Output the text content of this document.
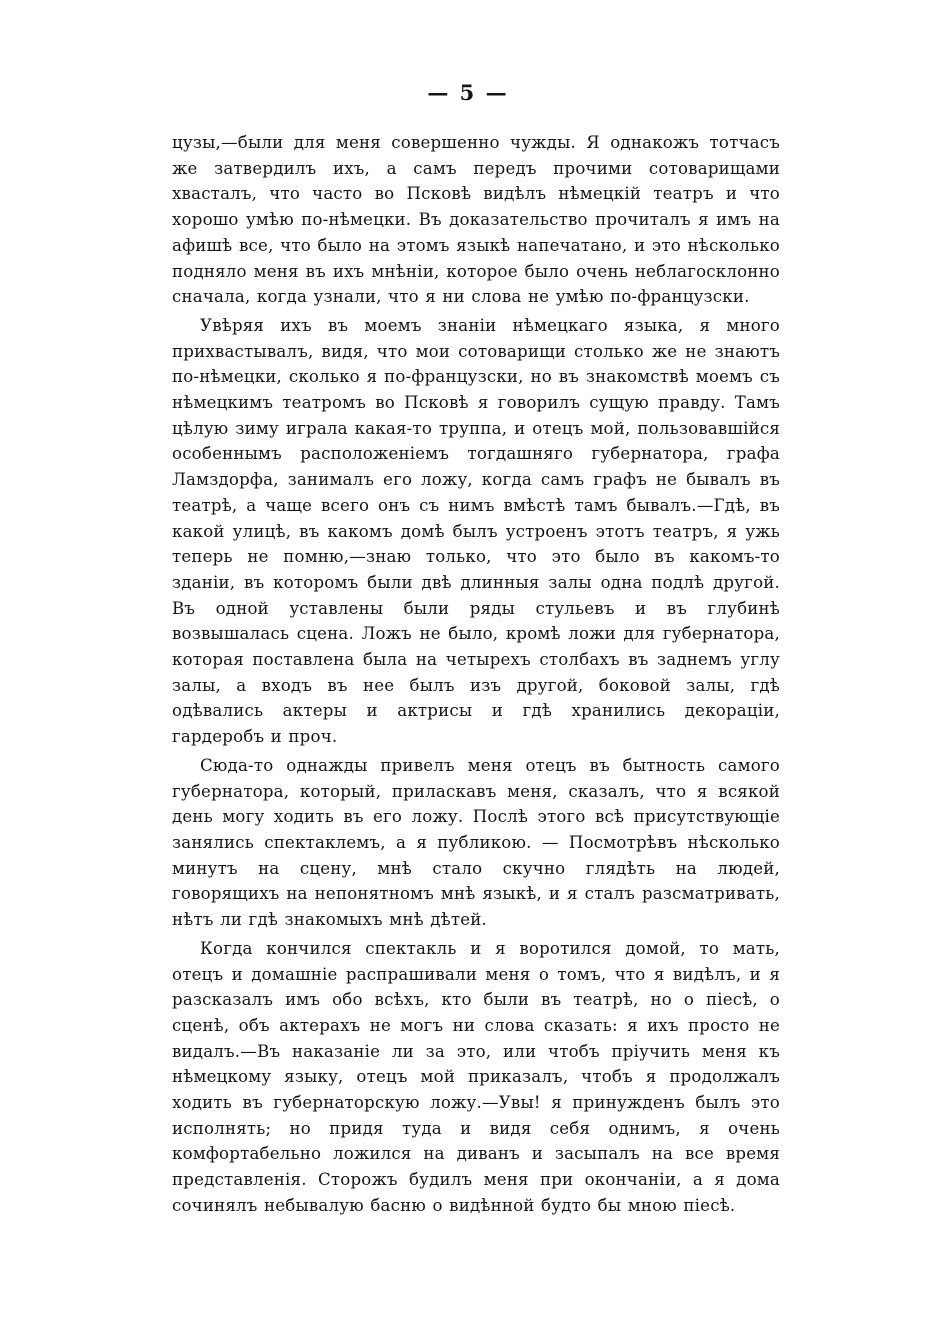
— 5 —

цузы,—были для меня совершенно чужды. Я однакожъ тотчасъ же затвердилъ ихъ, а самъ передъ прочими сотоварищами хвасталъ, что часто во Псковѣ видѣлъ нѣмецкій театръ и что хорошо умѣю по-нѣмецки. Въ доказательство прочиталъ я имъ на афишѣ все, что было на этомъ языкѣ напечатано, и это нѣсколько подняло меня въ ихъ мнѣніи, которое было очень неблагосклонно сначала, когда узнали, что я ни слова не умѣю по-французски.

Увѣряя ихъ въ моемъ знаніи нѣмецкаго языка, я много прихвастывалъ, видя, что мои сотоварищи столько же не знаютъ по-нѣмецки, сколько я по-французски, но въ знакомствѣ моемъ съ нѣмецкимъ театромъ во Псковѣ я говорилъ сущую правду. Тамъ цѣлую зиму играла какая-то труппа, и отецъ мой, пользовавшійся особеннымъ расположеніемъ тогдашняго губернатора, графа Ламздорфа, занималъ его ложу, когда самъ графъ не бывалъ въ театрѣ, а чаще всего онъ съ нимъ вмѣстѣ тамъ бывалъ.—Гдѣ, въ какой улицѣ, въ какомъ домѣ былъ устроенъ этотъ театръ, я ужь теперь не помню,—знаю только, что это было въ какомъ-то зданіи, въ которомъ были двѣ длинныя залы одна подлѣ другой. Въ одной уставлены были ряды стульевъ и въ глубинѣ возвышалась сцена. Ложъ не было, кромѣ ложи для губернатора, которая поставлена была на четырехъ столбахъ въ заднемъ углу залы, а входъ въ нее былъ изъ другой, боковой залы, гдѣ одѣвались актеры и актрисы и гдѣ хранились декораціи, гардеробъ и проч.

Сюда-то однажды привелъ меня отецъ въ бытность самого губернатора, который, приласкавъ меня, сказалъ, что я всякой день могу ходить въ его ложу. Послѣ этого всѣ присутствующіе занялись спектаклемъ, а я публикою. — Посмотрѣвъ нѣсколько минутъ на сцену, мнѣ стало скучно глядѣть на людей, говорящихъ на непонятномъ мнѣ языкѣ, и я сталъ разсматривать, нѣтъ ли гдѣ знакомыхъ мнѣ дѣтей.

Когда кончился спектакль и я воротился домой, то мать, отецъ и домашніе распрашивали меня о томъ, что я видѣлъ, и я разсказалъ имъ обо всѣхъ, кто были въ театрѣ, но о піесѣ, о сценѣ, объ актерахъ не могъ ни слова сказать: я ихъ просто не видалъ.—Въ наказаніе ли за это, или чтобъ пріучить меня къ нѣмецкому языку, отецъ мой приказалъ, чтобъ я продолжалъ ходить въ губернаторскую ложу.—Увы! я принужденъ былъ это исполнять; но придя туда и видя себя однимъ, я очень комфортабельно ложился на диванъ и засыпалъ на все время представленія. Сторожъ будилъ меня при окончаніи, а я дома сочинялъ небывалую басню о видѣнной будто бы мною піесѣ.
